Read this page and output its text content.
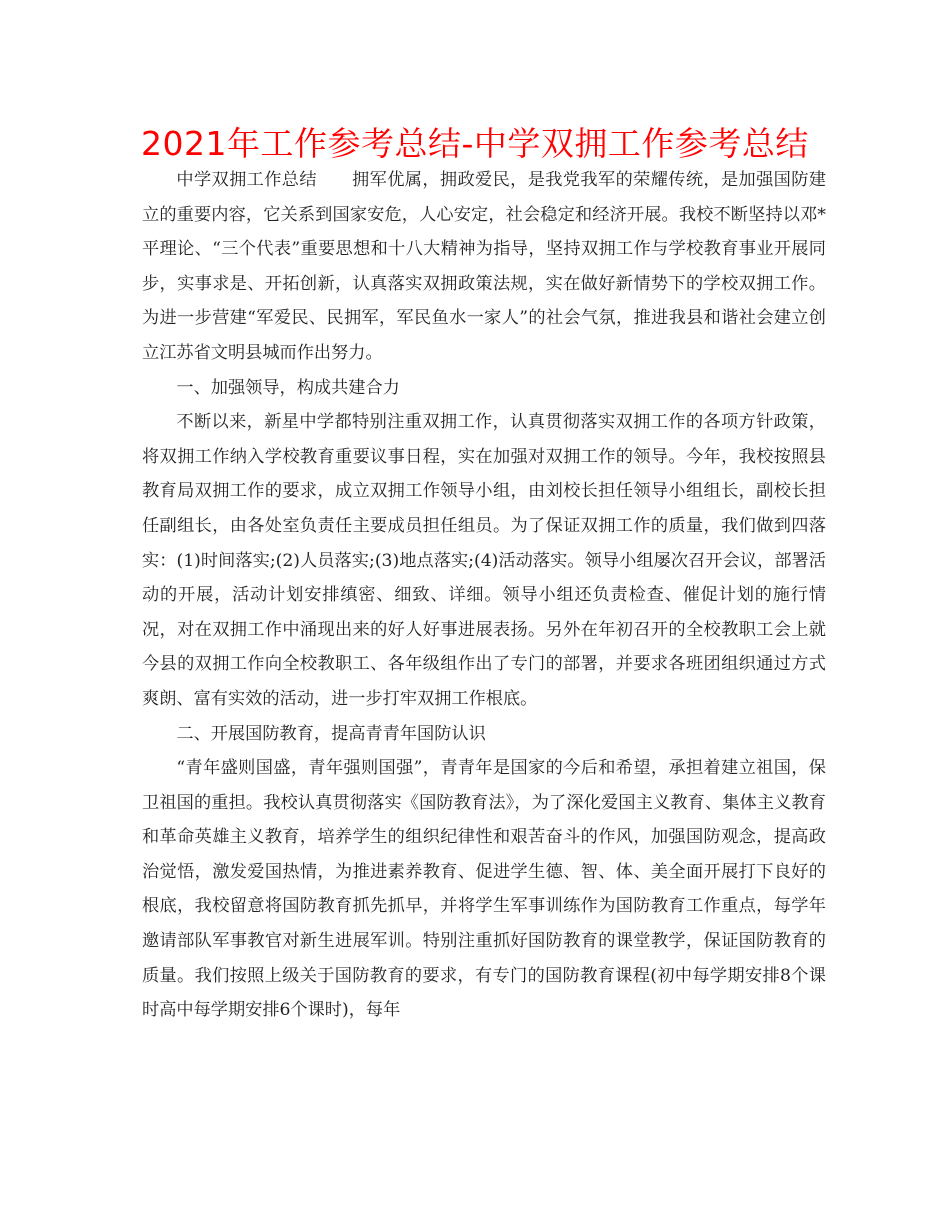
2021年工作参考总结-中学双拥工作参考总结

中学双拥工作总结　　拥军优属，拥政爱民，是我党我军的荣耀传统，是加强国防建立的重要内容，它关系到国家安危，人心安定，社会稳定和经济开展。我校不断坚持以邓*平理论、“三个代表”重要思想和十八大精神为指导，坚持双拥工作与学校教育事业开展同步，实事求是、开拓创新，认真落实双拥政策法规，实在做好新情势下的学校双拥工作。为进一步营建“军爱民、民拥军，军民鱼水一家人”的社会气氛，推进我县和谐社会建立创立江苏省文明县城而作出努力。

一、加强领导，构成共建合力

不断以来，新星中学都特别注重双拥工作，认真贯彻落实双拥工作的各项方针政策，将双拥工作纳入学校教育重要议事日程，实在加强对双拥工作的领导。今年，我校按照县教育局双拥工作的要求，成立双拥工作领导小组，由刘校长担任领导小组组长，副校长担任副组长，由各处室负责任主要成员担任组员。为了保证双拥工作的质量，我们做到四落实：(1)时间落实;(2)人员落实;(3)地点落实;(4)活动落实。领导小组屡次召开会议，部署活动的开展，活动计划安排缜密、细致、详细。领导小组还负责检查、催促计划的施行情况，对在双拥工作中涌现出来的好人好事进展表扬。另外在年初召开的全校教职工会上就今县的双拥工作向全校教职工、各年级组作出了专门的部署，并要求各班团组织通过方式爽朗、富有实效的活动，进一步打牢双拥工作根底。

二、开展国防教育，提高青青年国防认识

“青年盛则国盛，青年强则国强”，青青年是国家的今后和希望，承担着建立祖国，保卫祖国的重担。我校认真贯彻落实《国防教育法》，为了深化爱国主义教育、集体主义教育和革命英雄主义教育，培养学生的组织纪律性和艰苦奋斗的作风，加强国防观念，提高政治觉悟，激发爱国热情，为推进素养教育、促进学生德、智、体、美全面开展打下良好的根底，我校留意将国防教育抓先抓早，并将学生军事训练作为国防教育工作重点，每学年邀请部队军事教官对新生进展军训。特别注重抓好国防教育的课堂教学，保证国防教育的质量。我们按照上级关于国防教育的要求，有专门的国防教育课程(初中每学期安排8个课时高中每学期安排6个课时)，每年
